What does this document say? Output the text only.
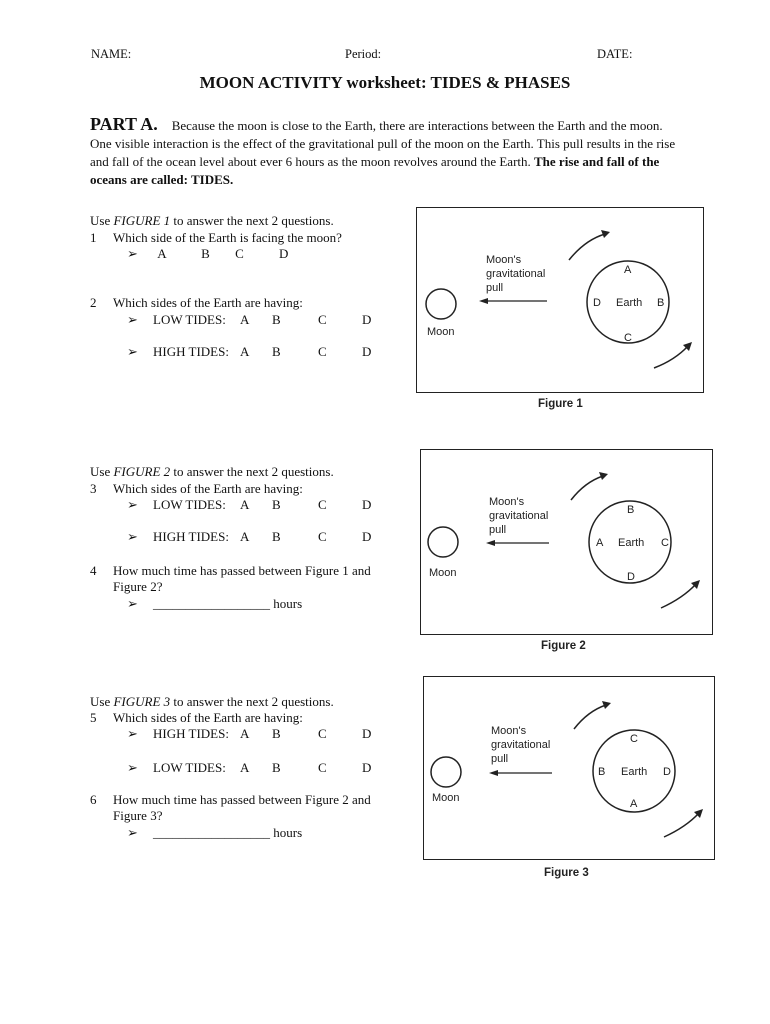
NAME:	Period:	DATE:
MOON ACTIVITY worksheet: TIDES & PHASES
PART A. Because the moon is close to the Earth, there are interactions between the Earth and the moon. One visible interaction is the effect of the gravitational pull of the moon on the Earth. This pull results in the rise and fall of the ocean level about ever 6 hours as the moon revolves around the Earth. The rise and fall of the oceans are called: TIDES.
Use FIGURE 1 to answer the next 2 questions.
1 Which side of the Earth is facing the moon?
➢ A	B C	D
2 Which sides of the Earth are having:
➢ LOW TIDES: A B	C	D
➢ HIGH TIDES: A B	C	D
Use FIGURE 2 to answer the next 2 questions.
3 Which sides of the Earth are having:
➢ LOW TIDES: A B	C	D
➢ HIGH TIDES: A B	C	D
4 How much time has passed between Figure 1 and
Figure 2?
➢ __________________ hours
Use FIGURE 3 to answer the next 2 questions.
5 Which sides of the Earth are having:
➢ HIGH TIDES: A B	C	D
➢ LOW TIDES: A B	C	D
6 How much time has passed between Figure 2 and
Figure 3?
➢ __________________ hours
Moon's
gravitational
pull
Moon
Earth
A
B
C
D
Figure 1
Moon's
gravitational
pull
Moon
Earth
B
C
D
A
Figure 2
Moon's
gravitational
pull
Moon
Earth
C
D
A
B
Figure 3
